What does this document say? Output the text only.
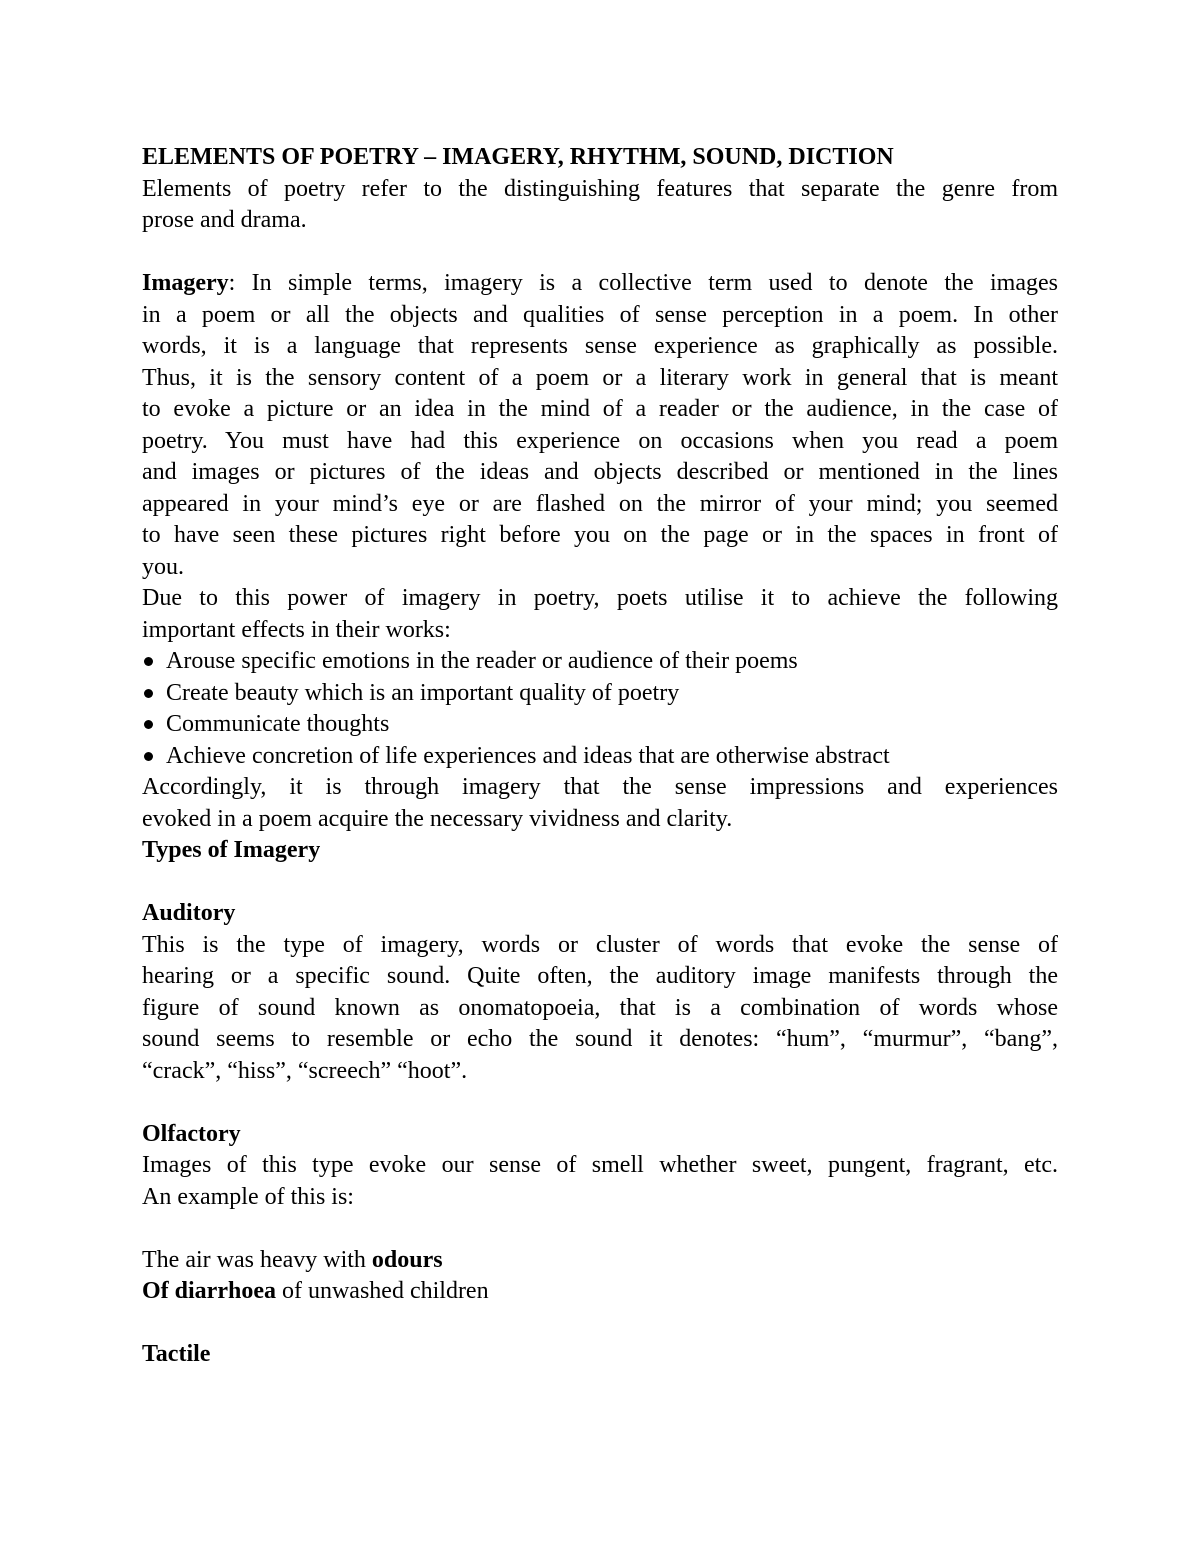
ELEMENTS OF POETRY – IMAGERY, RHYTHM, SOUND, DICTION
Elements of poetry refer to the distinguishing features that separate the genre from
prose and drama.
Imagery: In simple terms, imagery is a collective term used to denote the images
in a poem or all the objects and qualities of sense perception in a poem. In other
words, it is a language that represents sense experience as graphically as possible.
Thus, it is the sensory content of a poem or a literary work in general that is meant
to evoke a picture or an idea in the mind of a reader or the audience, in the case of
poetry. You must have had this experience on occasions when you read a poem
and images or pictures of the ideas and objects described or mentioned in the lines
appeared in your mind’s eye or are flashed on the mirror of your mind; you seemed
to have seen these pictures right before you on the page or in the spaces in front of
you.
Due to this power of imagery in poetry, poets utilise it to achieve the following
important effects in their works:
Arouse specific emotions in the reader or audience of their poems
Create beauty which is an important quality of poetry
Communicate thoughts
Achieve concretion of life experiences and ideas that are otherwise abstract
Accordingly, it is through imagery that the sense impressions and experiences
evoked in a poem acquire the necessary vividness and clarity.
Types of Imagery
Auditory
This is the type of imagery, words or cluster of words that evoke the sense of
hearing or a specific sound. Quite often, the auditory image manifests through the
figure of sound known as onomatopoeia, that is a combination of words whose
sound seems to resemble or echo the sound it denotes: “hum”, “murmur”, “bang”,
“crack”, “hiss”, “screech” “hoot”.
Olfactory
Images of this type evoke our sense of smell whether sweet, pungent, fragrant, etc.
An example of this is:
The air was heavy with odours
Of diarrhoea of unwashed children
Tactile
